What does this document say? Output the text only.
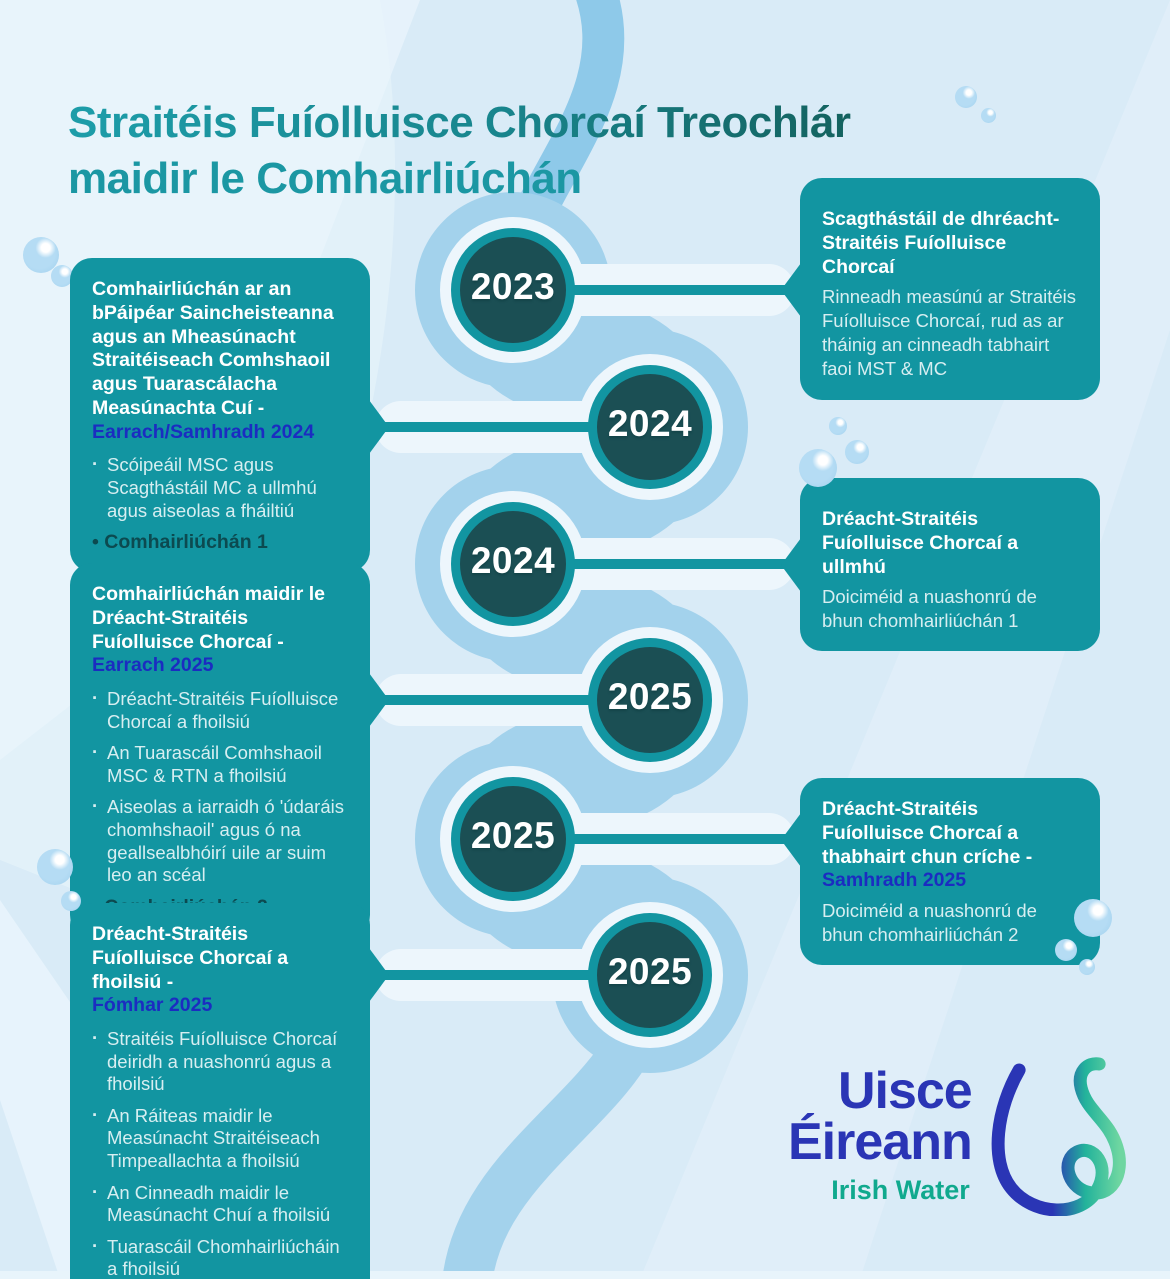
2023
2024
2024
2025
2025
2025
Straitéis Fuíolluisce Chorcaí Treochlár
maidir le Comhairliúchán
Comhairliúchán ar an bPáipéar Saincheisteanna agus an Mheasúnacht Straitéiseach Comhshaoil agus Tuarascálacha Measúnachta Cuí - Earrach/Samhradh 2024
· Scóipeáil MSC agus Scagthástáil MC a ullmhú agus aiseolas a fháiltiú
• Comhairliúchán 1
Comhairliúchán maidir le Dréacht-Straitéis Fuíolluisce Chorcaí - Earrach 2025
· Dréacht-Straitéis Fuíolluisce Chorcaí a fhoilsiú
· An Tuarascáil Comhshaoil MSC & RTN a fhoilsiú
· Aiseolas a iarraidh ó 'údaráis chomhshaoil' agus ó na geallsealbhóirí uile ar suim leo an scéal
•
Dréacht-Straitéis Fuíolluisce Chorcaí a fhoilsiú -
Fómhar 2025
· Straitéis Fuíolluisce Chorcaí deiridh a nuashonrú agus a fhoilsiú
· An Ráiteas maidir le Measúnacht Straitéiseach Timpeallachta a fhoilsiú
· An Cinneadh maidir le Measúnacht Chuí a fhoilsiú
· Tuarascáil Chomhairliúcháin a fhoilsiú
Scagthástáil de dhréacht-Straitéis Fuíolluisce Chorcaí
Rinneadh measúnú ar Straitéis Fuíolluisce Chorcaí, rud as ar tháinig an cinneadh tabhairt faoi MST & MC
Dréacht-Straitéis Fuíolluisce Chorcaí a ullmhú
Doiciméid a nuashonrú de bhun chomhairliúchán 1
Dréacht-Straitéis Fuíolluisce Chorcaí a thabhairt chun críche - Samhradh 2025
Doiciméid a nuashonrú de bhun chomhairliúchán 2
Uisce
Éireann
Irish Water
